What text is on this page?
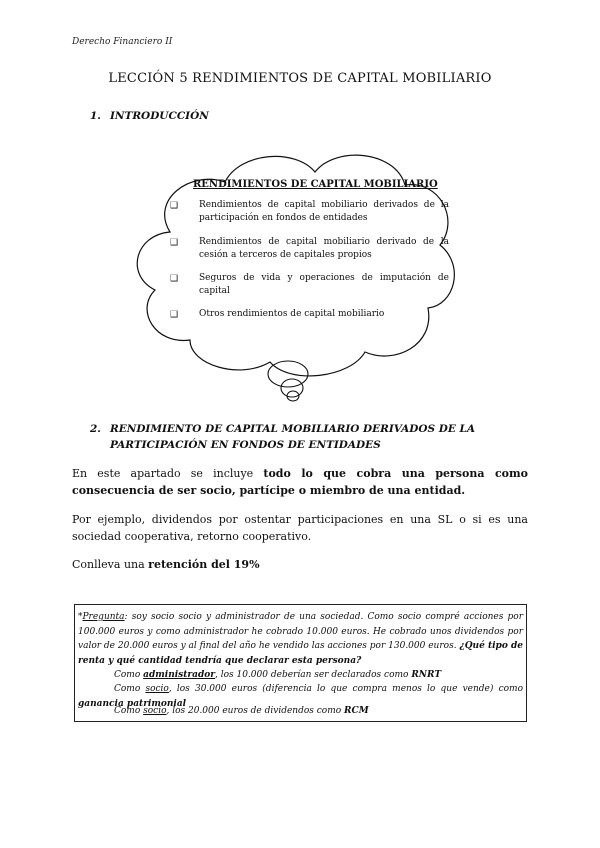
Derecho Financiero II
LECCIÓN 5 RENDIMIENTOS DE CAPITAL MOBILIARIO
1. INTRODUCCIÓN
RENDIMIENTOS DE CAPITAL MOBILIARIO
❑ Rendimientos de capital mobiliario derivados de la participación en fondos de entidades
❑ Rendimientos de capital mobiliario derivado de la cesión a terceros de capitales propios
❑ Seguros de vida y operaciones de imputación de capital
❑ Otros rendimientos de capital mobiliario
2. RENDIMIENTO DE CAPITAL MOBILIARIO DERIVADOS DE LA PARTICIPACIÓN EN FONDOS DE ENTIDADES
En este apartado se incluye todo lo que cobra una persona como consecuencia de ser socio, partícipe o miembro de una entidad.
Por ejemplo, dividendos por ostentar participaciones en una SL o si es una sociedad cooperativa, retorno cooperativo.
Conlleva una retención del 19%
*Pregunta: soy socio socio y administrador de una sociedad. Como socio compré acciones por 100.000 euros y como administrador he cobrado 10.000 euros. He cobrado unos dividendos por valor de 20.000 euros y al final del año he vendido las acciones por 130.000 euros. ¿Qué tipo de renta y qué cantidad tendría que declarar esta persona?
Como administrador, los 10.000 deberían ser declarados como RNRT
Como socio, los 30.000 euros (diferencia lo que compra menos lo que vende) como ganancia patrimonial
Como socio, los 20.000 euros de dividendos como RCM
